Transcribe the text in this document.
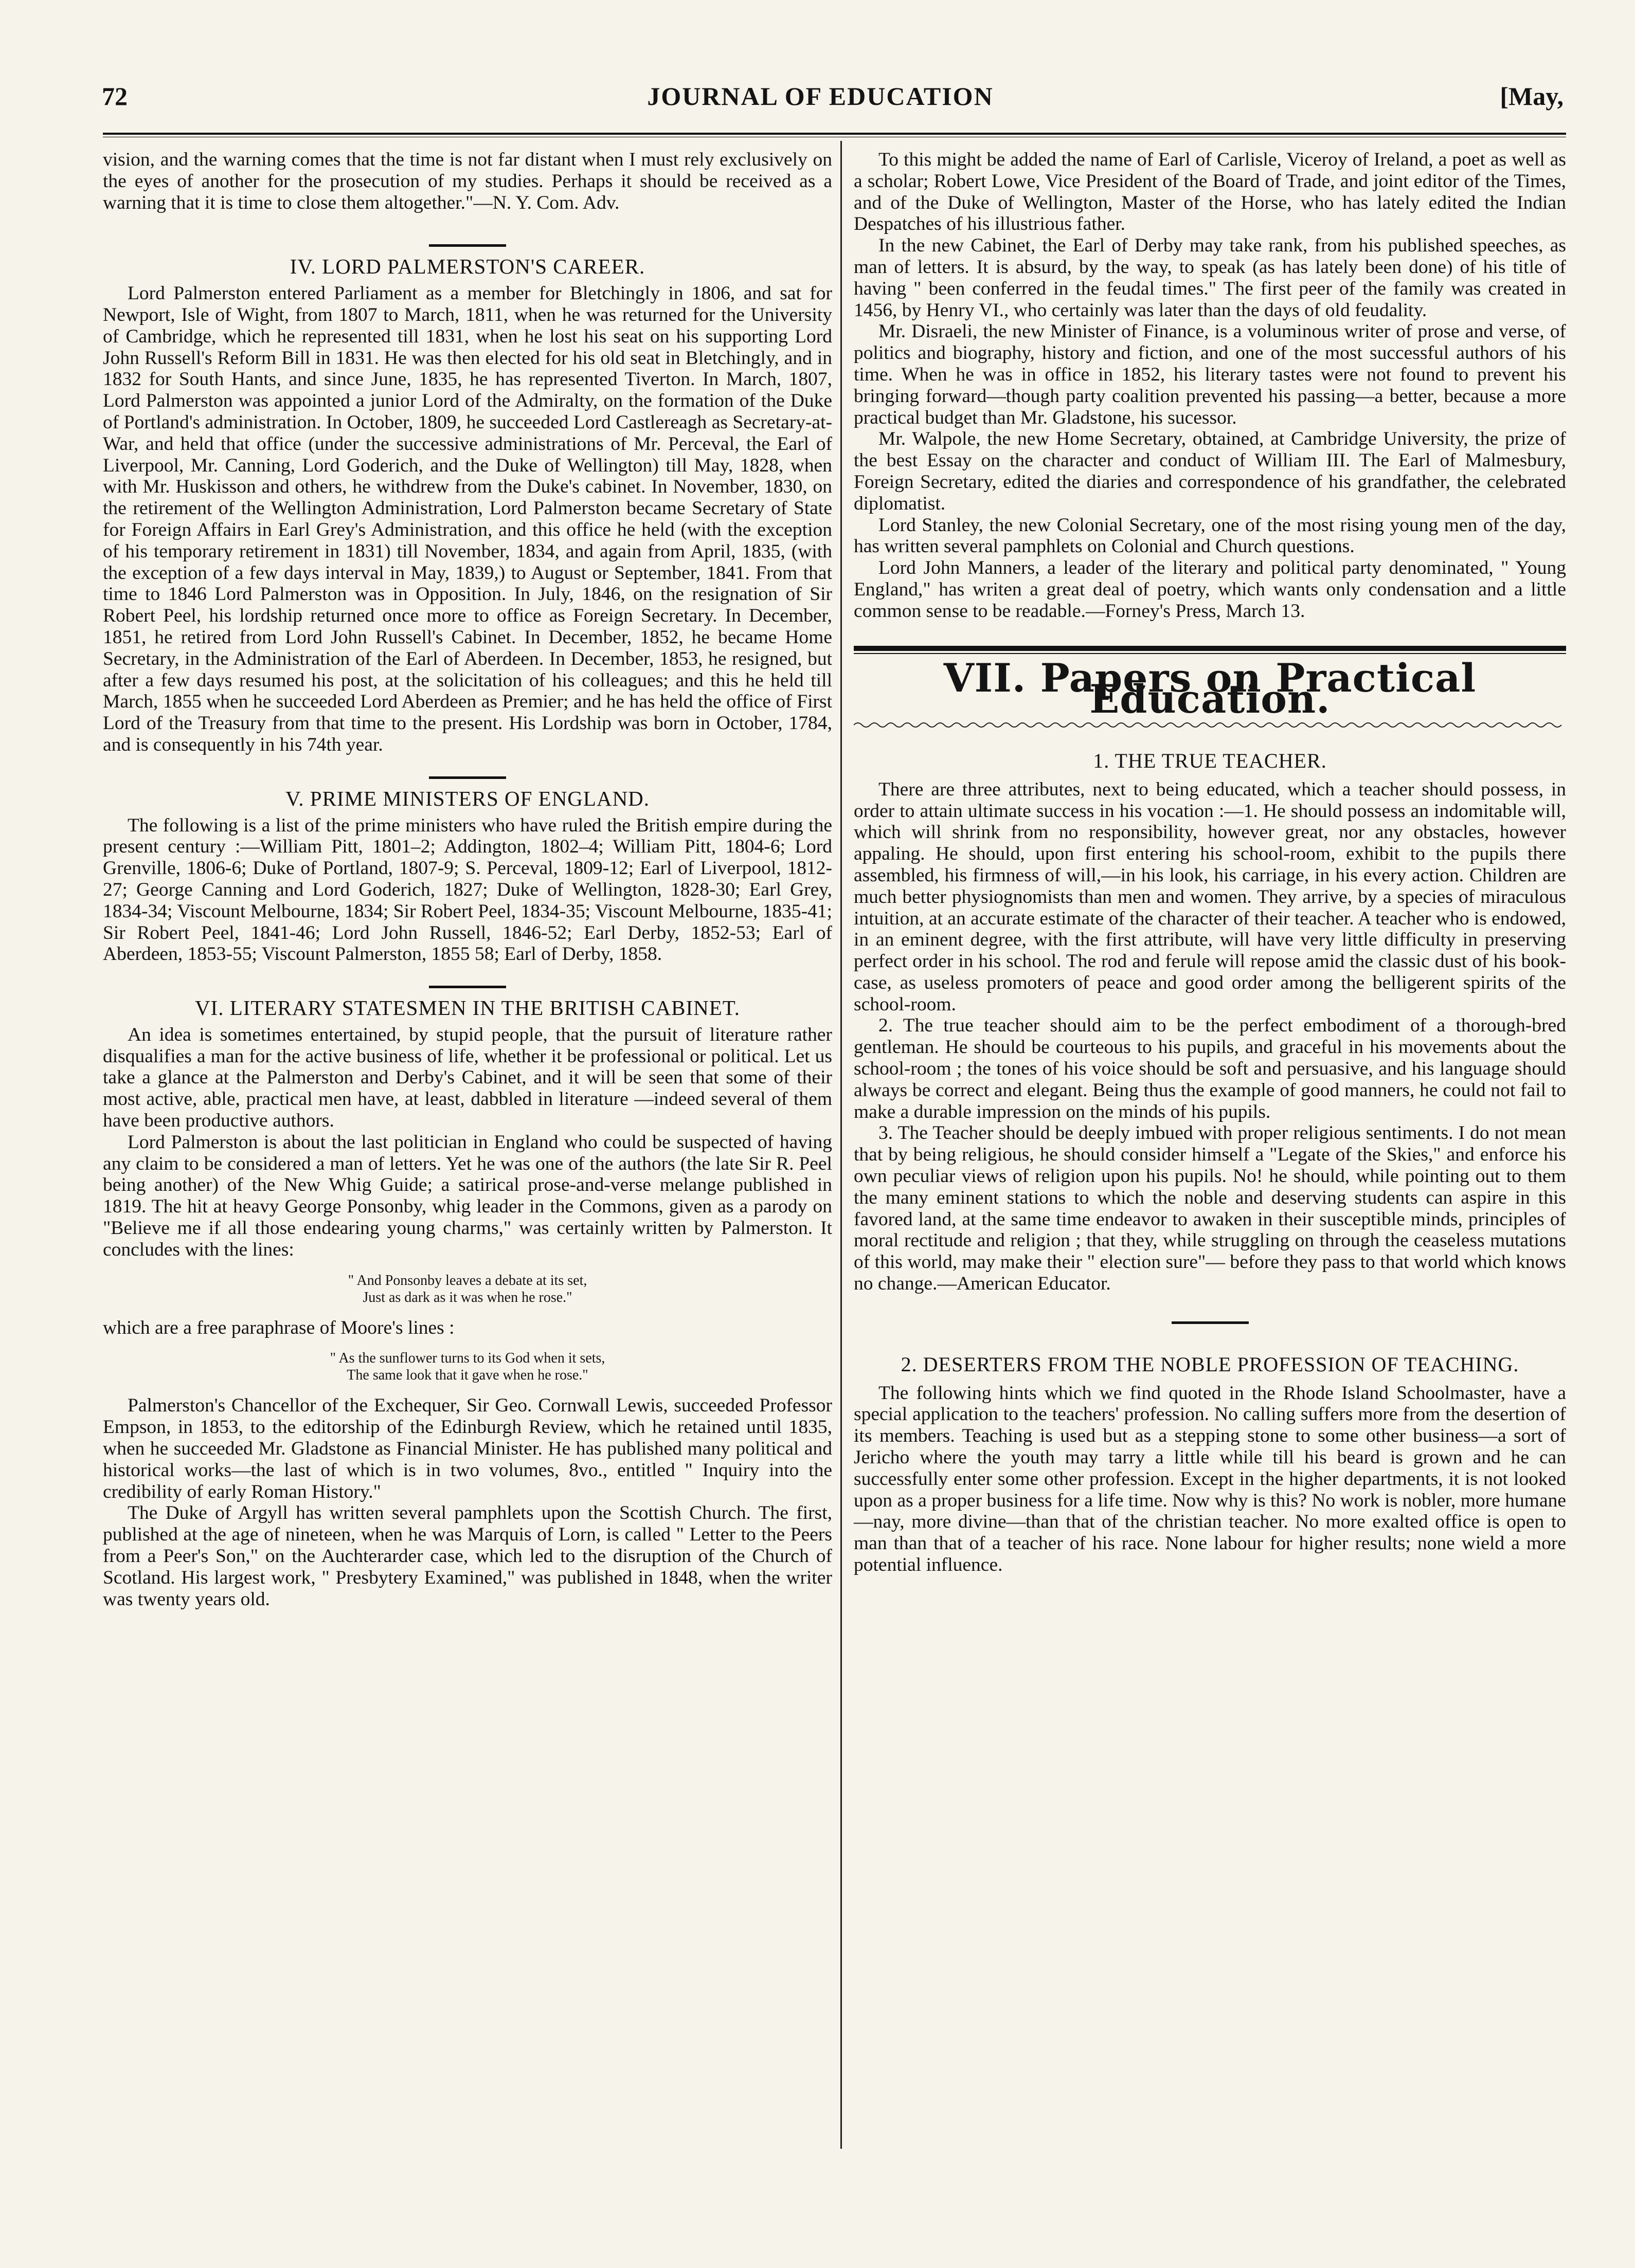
72	JOURNAL OF EDUCATION	[May,

vision, and the warning comes that the time is not far distant when I must rely exclusively on the eyes of another for the prosecution of my studies. Perhaps it should be received as a warning that it is time to close them altogether."—N. Y. Com. Adv.

IV. LORD PALMERSTON'S CAREER.

Lord Palmerston entered Parliament as a member for Bletchingly in 1806, and sat for Newport, Isle of Wight, from 1807 to March, 1811, when he was returned for the University of Cambridge, which he represented till 1831, when he lost his seat on his supporting Lord John Russell's Reform Bill in 1831. He was then elected for his old seat in Bletchingly, and in 1832 for South Hants, and since June, 1835, he has represented Tiverton. In March, 1807, Lord Palmerston was appointed a junior Lord of the Admiralty, on the formation of the Duke of Portland's administration. In October, 1809, he succeeded Lord Castlereagh as Secretary-at-War, and held that office (under the successive administrations of Mr. Perceval, the Earl of Liverpool, Mr. Canning, Lord Goderich, and the Duke of Wellington) till May, 1828, when with Mr. Huskisson and others, he withdrew from the Duke's cabinet. In November, 1830, on the retirement of the Wellington Administration, Lord Palmerston became Secretary of State for Foreign Affairs in Earl Grey's Administration, and this office he held (with the exception of his temporary retirement in 1831) till November, 1834, and again from April, 1835, (with the exception of a few days interval in May, 1839,) to August or September, 1841. From that time to 1846 Lord Palmerston was in Opposition. In July, 1846, on the resignation of Sir Robert Peel, his lordship returned once more to office as Foreign Secretary. In December, 1851, he retired from Lord John Russell's Cabinet. In December, 1852, he became Home Secretary, in the Administration of the Earl of Aberdeen. In December, 1853, he resigned, but after a few days resumed his post, at the solicitation of his colleagues; and this he held till March, 1855 when he succeeded Lord Aberdeen as Premier; and he has held the office of First Lord of the Treasury from that time to the present. His Lordship was born in October, 1784, and is consequently in his 74th year.

V. PRIME MINISTERS OF ENGLAND.

The following is a list of the prime ministers who have ruled the British empire during the present century :—William Pitt, 1801–2; Addington, 1802–4; William Pitt, 1804-6; Lord Grenville, 1806-6; Duke of Portland, 1807-9; S. Perceval, 1809-12; Earl of Liverpool, 1812-27; George Canning and Lord Goderich, 1827; Duke of Wellington, 1828-30; Earl Grey, 1834-34; Viscount Melbourne, 1834; Sir Robert Peel, 1834-35; Viscount Melbourne, 1835-41; Sir Robert Peel, 1841-46; Lord John Russell, 1846-52; Earl Derby, 1852-53; Earl of Aberdeen, 1853-55; Viscount Palmerston, 1855 58; Earl of Derby, 1858.

VI. LITERARY STATESMEN IN THE BRITISH CABINET.

An idea is sometimes entertained, by stupid people, that the pursuit of literature rather disqualifies a man for the active business of life, whether it be professional or political. Let us take a glance at the Palmerston and Derby's Cabinet, and it will be seen that some of their most active, able, practical men have, at least, dabbled in literature —indeed several of them have been productive authors.

Lord Palmerston is about the last politician in England who could be suspected of having any claim to be considered a man of letters. Yet he was one of the authors (the late Sir R. Peel being another) of the New Whig Guide; a satirical prose-and-verse melange published in 1819. The hit at heavy George Ponsonby, whig leader in the Commons, given as a parody on "Believe me if all those endearing young charms," was certainly written by Palmerston. It concludes with the lines:

" And Ponsonby leaves a debate at its set,
Just as dark as it was when he rose."

which are a free paraphrase of Moore's lines :

" As the sunflower turns to its God when it sets,
The same look that it gave when he rose."

Palmerston's Chancellor of the Exchequer, Sir Geo. Cornwall Lewis, succeeded Professor Empson, in 1853, to the editorship of the Edinburgh Review, which he retained until 1835, when he succeeded Mr. Gladstone as Financial Minister. He has published many political and historical works—the last of which is in two volumes, 8vo., entitled " Inquiry into the credibility of early Roman History."

The Duke of Argyll has written several pamphlets upon the Scottish Church. The first, published at the age of nineteen, when he was Marquis of Lorn, is called " Letter to the Peers from a Peer's Son," on the Auchterarder case, which led to the disruption of the Church of Scotland. His largest work, " Presbytery Examined," was published in 1848, when the writer was twenty years old.

To this might be added the name of Earl of Carlisle, Viceroy of Ireland, a poet as well as a scholar; Robert Lowe, Vice President of the Board of Trade, and joint editor of the Times, and of the Duke of Wellington, Master of the Horse, who has lately edited the Indian Despatches of his illustrious father.

In the new Cabinet, the Earl of Derby may take rank, from his published speeches, as man of letters. It is absurd, by the way, to speak (as has lately been done) of his title of having " been conferred in the feudal times." The first peer of the family was created in 1456, by Henry VI., who certainly was later than the days of old feudality.

Mr. Disraeli, the new Minister of Finance, is a voluminous writer of prose and verse, of politics and biography, history and fiction, and one of the most successful authors of his time. When he was in office in 1852, his literary tastes were not found to prevent his bringing forward—though party coalition prevented his passing—a better, because a more practical budget than Mr. Gladstone, his sucessor.

Mr. Walpole, the new Home Secretary, obtained, at Cambridge University, the prize of the best Essay on the character and conduct of William III. The Earl of Malmesbury, Foreign Secretary, edited the diaries and correspondence of his grandfather, the celebrated diplomatist.

Lord Stanley, the new Colonial Secretary, one of the most rising young men of the day, has written several pamphlets on Colonial and Church questions.

Lord John Manners, a leader of the literary and political party denominated, " Young England," has writen a great deal of poetry, which wants only condensation and a little common sense to be readable.—Forney's Press, March 13.

VII. Papers on Practical Education.
1. THE TRUE TEACHER.

There are three attributes, next to being educated, which a teacher should possess, in order to attain ultimate success in his vocation :—1. He should possess an indomitable will, which will shrink from no responsibility, however great, nor any obstacles, however appaling. He should, upon first entering his school-room, exhibit to the pupils there assembled, his firmness of will,—in his look, his carriage, in his every action. Children are much better physiognomists than men and women. They arrive, by a species of miraculous intuition, at an accurate estimate of the character of their teacher. A teacher who is endowed, in an eminent degree, with the first attribute, will have very little difficulty in preserving perfect order in his school. The rod and ferule will repose amid the classic dust of his book-case, as useless promoters of peace and good order among the belligerent spirits of the school-room.

2. The true teacher should aim to be the perfect embodiment of a thorough-bred gentleman. He should be courteous to his pupils, and graceful in his movements about the school-room ; the tones of his voice should be soft and persuasive, and his language should always be correct and elegant. Being thus the example of good manners, he could not fail to make a durable impression on the minds of his pupils.

3. The Teacher should be deeply imbued with proper religious sentiments. I do not mean that by being religious, he should consider himself a "Legate of the Skies," and enforce his own peculiar views of religion upon his pupils. No! he should, while pointing out to them the many eminent stations to which the noble and deserving students can aspire in this favored land, at the same time endeavor to awaken in their susceptible minds, principles of moral rectitude and religion ; that they, while struggling on through the ceaseless mutations of this world, may make their " election sure"— before they pass to that world which knows no change.—American Educator.

2. DESERTERS FROM THE NOBLE PROFESSION OF TEACHING.

The following hints which we find quoted in the Rhode Island Schoolmaster, have a special application to the teachers' profession. No calling suffers more from the desertion of its members. Teaching is used but as a stepping stone to some other business—a sort of Jericho where the youth may tarry a little while till his beard is grown and he can successfully enter some other profession. Except in the higher departments, it is not looked upon as a proper business for a life time. Now why is this? No work is nobler, more humane —nay, more divine—than that of the christian teacher. No more exalted office is open to man than that of a teacher of his race. None labour for higher results; none wield a more potential influence.
